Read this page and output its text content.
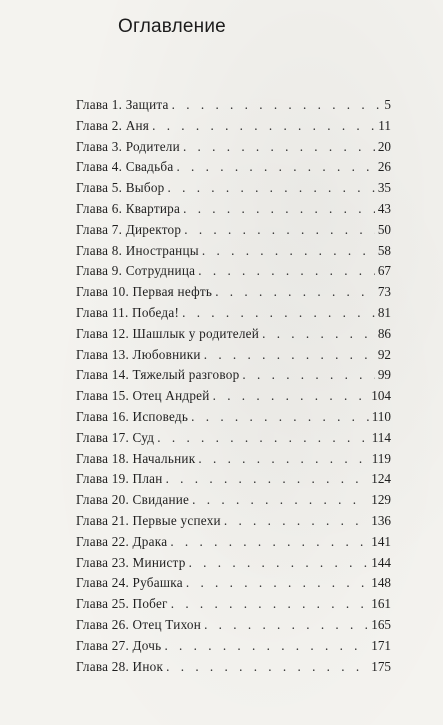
Оглавление
Глава 1. Защита . . .	5
Глава 2. Аня . . .	11
Глава 3. Родители . . .	20
Глава 4. Свадьба . . .	26
Глава 5. Выбор . . .	35
Глава 6. Квартира . . .	43
Глава 7. Директор . . .	50
Глава 8. Иностранцы . . .	58
Глава 9. Сотрудница . . .	67
Глава 10. Первая нефть . . .	73
Глава 11. Победа! . . .	81
Глава 12. Шашлык у родителей . . .	86
Глава 13. Любовники . . .	92
Глава 14. Тяжелый разговор . . .	99
Глава 15. Отец Андрей . . .	104
Глава 16. Исповедь . . .	110
Глава 17. Суд . . .	114
Глава 18. Начальник . . .	119
Глава 19. План . . .	124
Глава 20. Свидание . . .	129
Глава 21. Первые успехи . . .	136
Глава 22. Драка . . .	141
Глава 23. Министр . . .	144
Глава 24. Рубашка . . .	148
Глава 25. Побег . . .	161
Глава 26. Отец Тихон . . .	165
Глава 27. Дочь . . .	171
Глава 28. Инок . . .	175
